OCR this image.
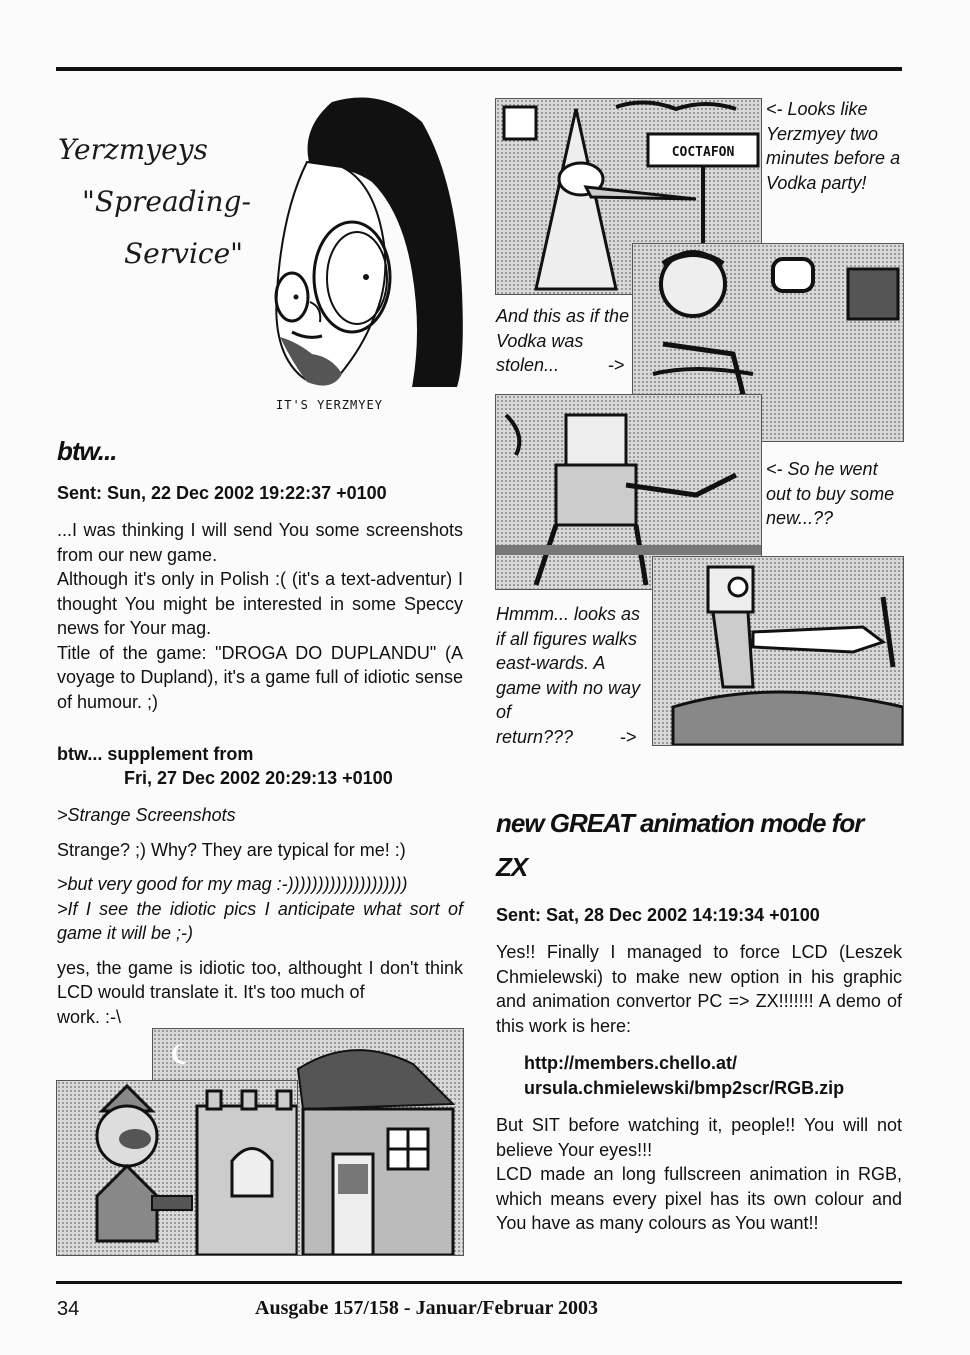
Yerzmyeys
"Spreading-
Service"
IT'S YERZMYEY
btw...

Sent: Sun, 22 Dec 2002 19:22:37 +0100

...I was thinking I will send You some screenshots from our new game.

Although it's only in Polish :( (it's a text-adventur) I thought You might be interested in some Speccy news for Your mag.

Title of the game: "DROGA DO DUPLANDU" (A voyage to Dupland), it's a game full of idiotic sense of humour. ;)

btw... supplement from

Fri, 27 Dec 2002 20:29:13 +0100

>Strange Screenshots

Strange? ;) Why? They are typical for me! :)

>but very good for my mag :-))))))))))))))))))))

>If I see the idiotic pics I anticipate what sort of game it will be ;-)

yes, the game is idiotic too, althought I don't think LCD would translate it. It's too much of

work. :-\

COCTAFON
<- Looks like Yerzmyey two minutes before a Vodka party!
And this as if the Vodka was
stolen...	->
<- So he went out to buy some new...??
Hmmm... looks as if all figures walks east-wards. A game with no way of
return???	->
new GREAT animation mode for
ZX

Sent: Sat, 28 Dec 2002 14:19:34 +0100

Yes!! Finally I managed to force LCD (Leszek Chmielewski) to make new option in his graphic and animation convertor PC => ZX!!!!!!! A demo of this work is here:

http://members.chello.at/
ursula.chmielewski/bmp2scr/RGB.zip

But SIT before watching it, people!! You will not believe Your eyes!!!

LCD made an long fullscreen animation in RGB, which means every pixel has its own colour and You have as many colours as You want!!

34	Ausgabe 157/158 - Januar/Februar 2003
